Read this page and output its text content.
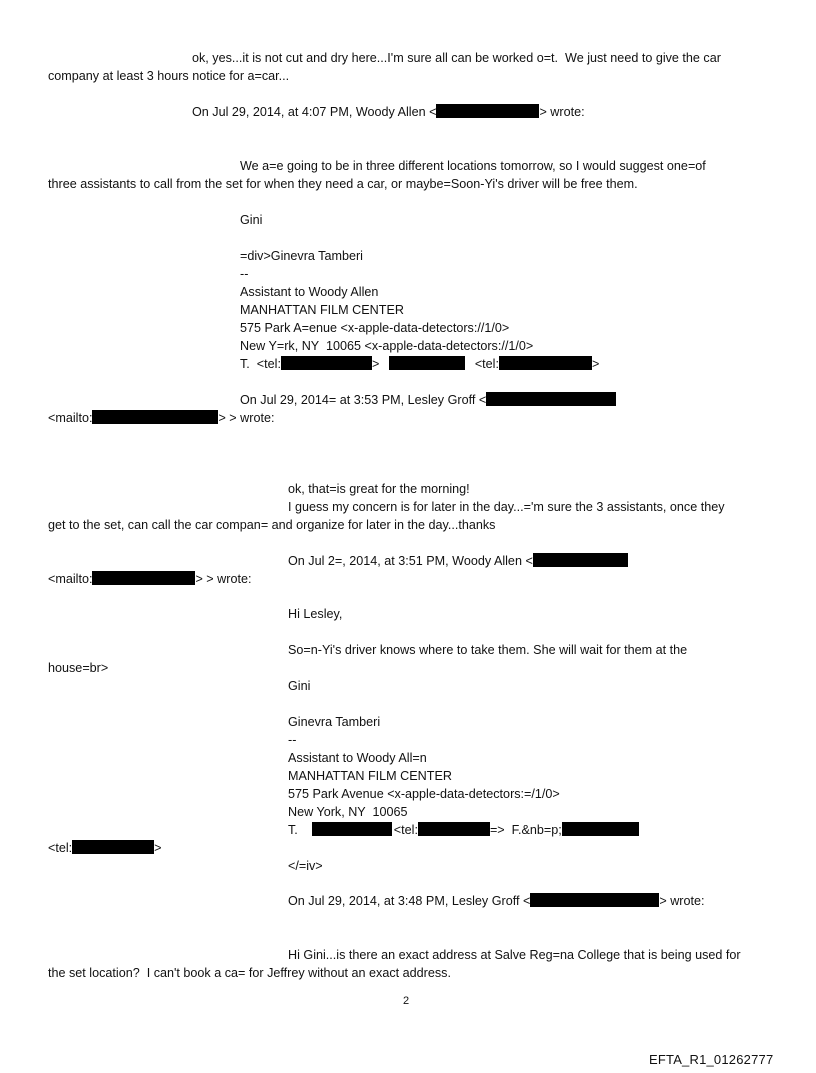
ok, yes...it is not cut and dry here...I'm sure all can be worked o=t.  We just need to give the car
company at least 3 hours notice for a=car...
On Jul 29, 2014, at 4:07 PM, Woody Allen <	> wrote:
We a=e going to be in three different locations tomorrow, so I would suggest one=of
three assistants to call from the set for when they need a car, or maybe=Soon-Yi's driver will be free them.
Gini
=div>Ginevra Tamberi
--
Assistant to Woody Allen
MANHATTAN FILM CENTER
575 Park A=enue <x-apple-data-detectors://1/0>
New Y=rk, NY  10065 <x-apple-data-detectors://1/0>
T.  <tel:	>	<tel:	>
On Jul 29, 2014= at 3:53 PM, Lesley Groff <
<mailto:	> > wrote:
ok, that=is great for the morning!
I guess my concern is for later in the day...='m sure the 3 assistants, once they
get to the set, can call the car compan= and organize for later in the day...thanks
On Jul 2=, 2014, at 3:51 PM, Woody Allen <
<mailto:	> > wrote:
Hi Lesley,
So=n-Yi's driver knows where to take them. She will wait for them at the
house=br>
Gini
Ginevra Tamberi
--
Assistant to Woody All=n
MANHATTAN FILM CENTER
575 Park Avenue <x-apple-data-detectors:=/1/0>
New York, NY  10065
T.	<tel:	=>  F.&nb=p;
<tel:	>
</=iv>
On Jul 29, 2014, at 3:48 PM, Lesley Groff <	> wrote:
Hi Gini...is there an exact address at Salve Reg=na College that is being used for
the set location?  I can't book a ca= for Jeffrey without an exact address.
2
EFTA_R1_01262777
